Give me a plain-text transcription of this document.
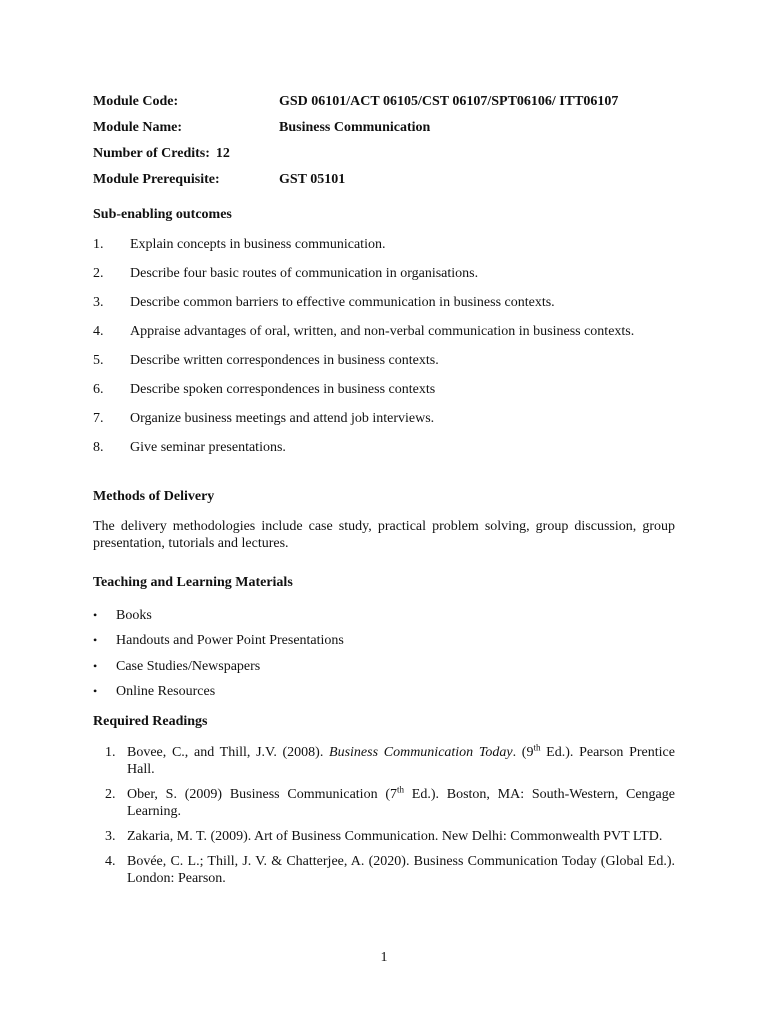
Module Code:	GSD 06101/ACT 06105/CST 06107/SPT06106/ ITT06107
Module Name:	Business Communication
Number of Credits: 12
Module Prerequisite:	GST 05101
Sub-enabling outcomes
1.	Explain concepts in business communication.
2.	Describe four basic routes of communication in organisations.
3.	Describe common barriers to effective communication in business contexts.
4.	Appraise advantages of oral, written, and non-verbal communication in business contexts.
5.	Describe written correspondences in business contexts.
6.	Describe spoken correspondences in business contexts
7.	Organize business meetings and attend job interviews.
8.	Give seminar presentations.
Methods of Delivery

The delivery methodologies include case study, practical problem solving, group discussion, group presentation, tutorials and lectures.

Teaching and Learning Materials
•	Books
•	Handouts and Power Point Presentations
•	Case Studies/Newspapers
•	Online Resources
Required Readings
1. Bovee, C., and Thill, J.V. (2008). Business Communication Today. (9th Ed.). Pearson Prentice Hall.
2. Ober, S. (2009) Business Communication (7th Ed.). Boston, MA: South-Western, Cengage Learning.
3. Zakaria, M. T. (2009). Art of Business Communication. New Delhi: Commonwealth PVT LTD.
4. Bovée, C. L.; Thill, J. V. & Chatterjee, A. (2020). Business Communication Today (Global Ed.). London: Pearson.
1
